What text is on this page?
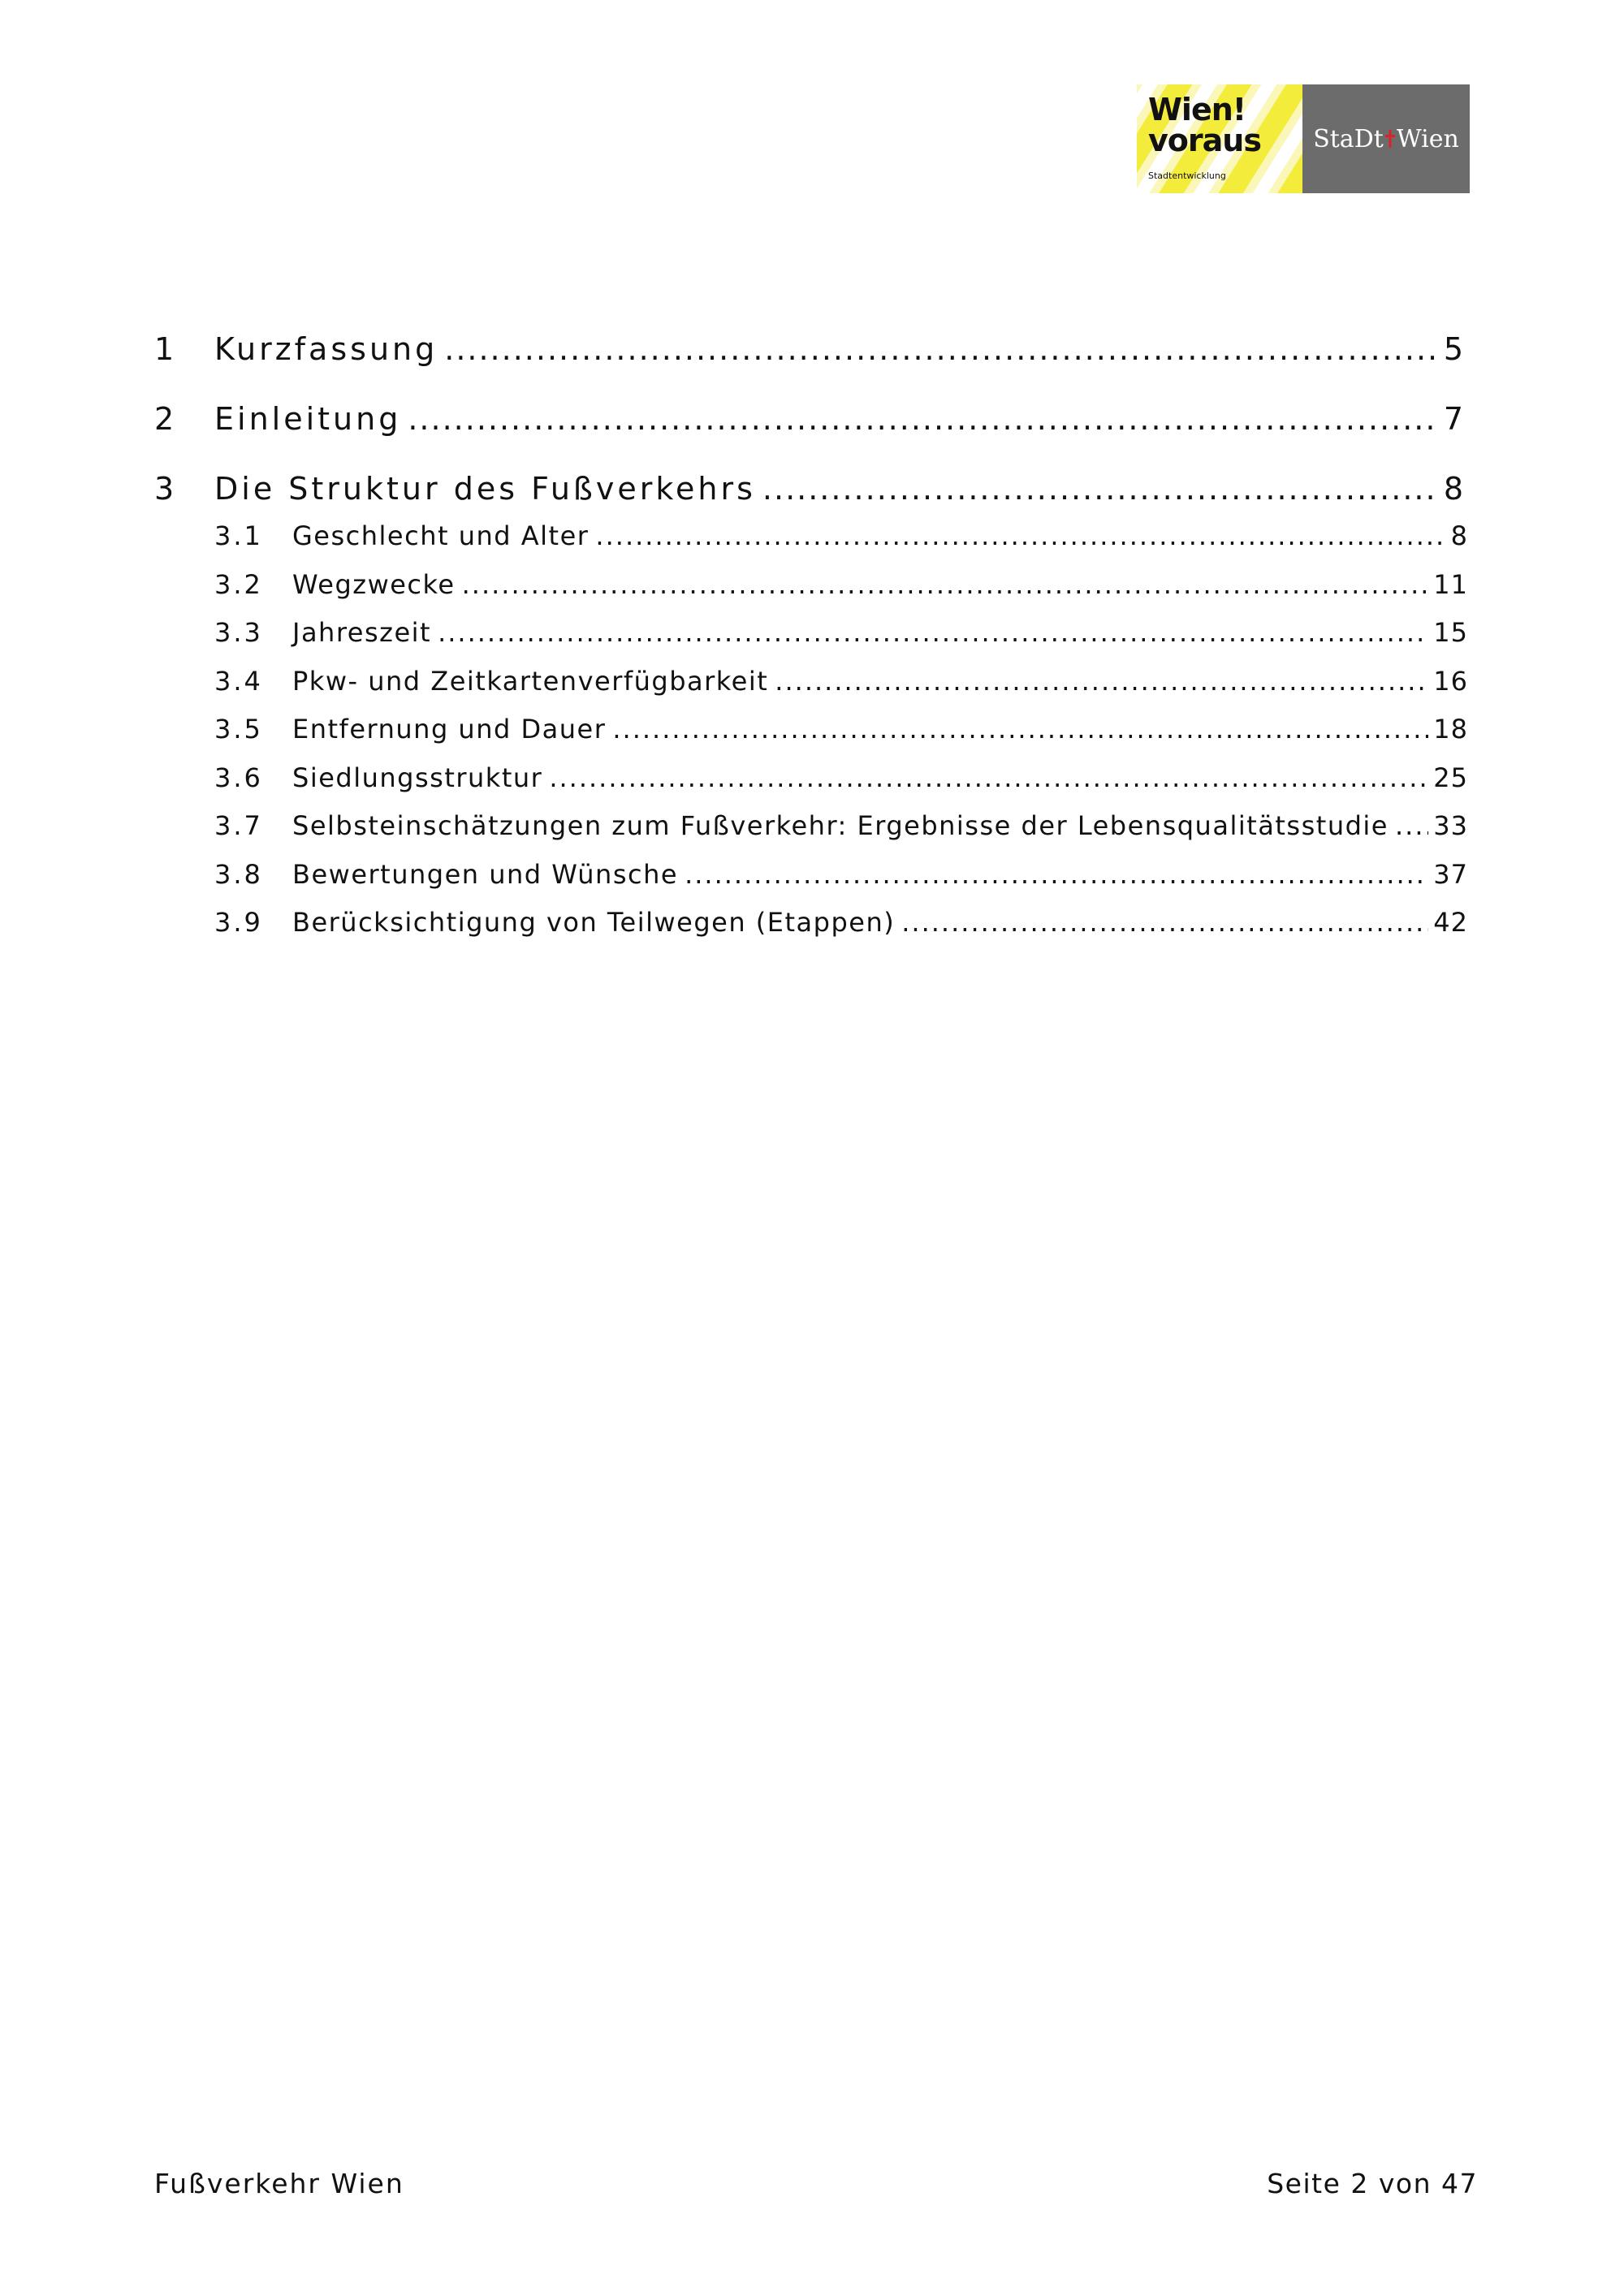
Wien!
voraus
Stadtentwicklung
StaDt Wien
1	Kurzfassung .....	5
2	Einleitung .....	7
3	Die Struktur des Fußverkehrs .....	8
3.1	Geschlecht und Alter .....	8
3.2	Wegzwecke .....	11
3.3	Jahreszeit .....	15
3.4	Pkw- und Zeitkartenverfügbarkeit .....	16
3.5	Entfernung und Dauer .....	18
3.6	Siedlungsstruktur .....	25
3.7	Selbsteinschätzungen zum Fußverkehr: Ergebnisse der Lebensqualitätsstudie ..... 33
3.8	Bewertungen und Wünsche .....	37
3.9	Berücksichtigung von Teilwegen (Etappen) .....	42
Fußverkehr Wien	Seite 2 von 47
